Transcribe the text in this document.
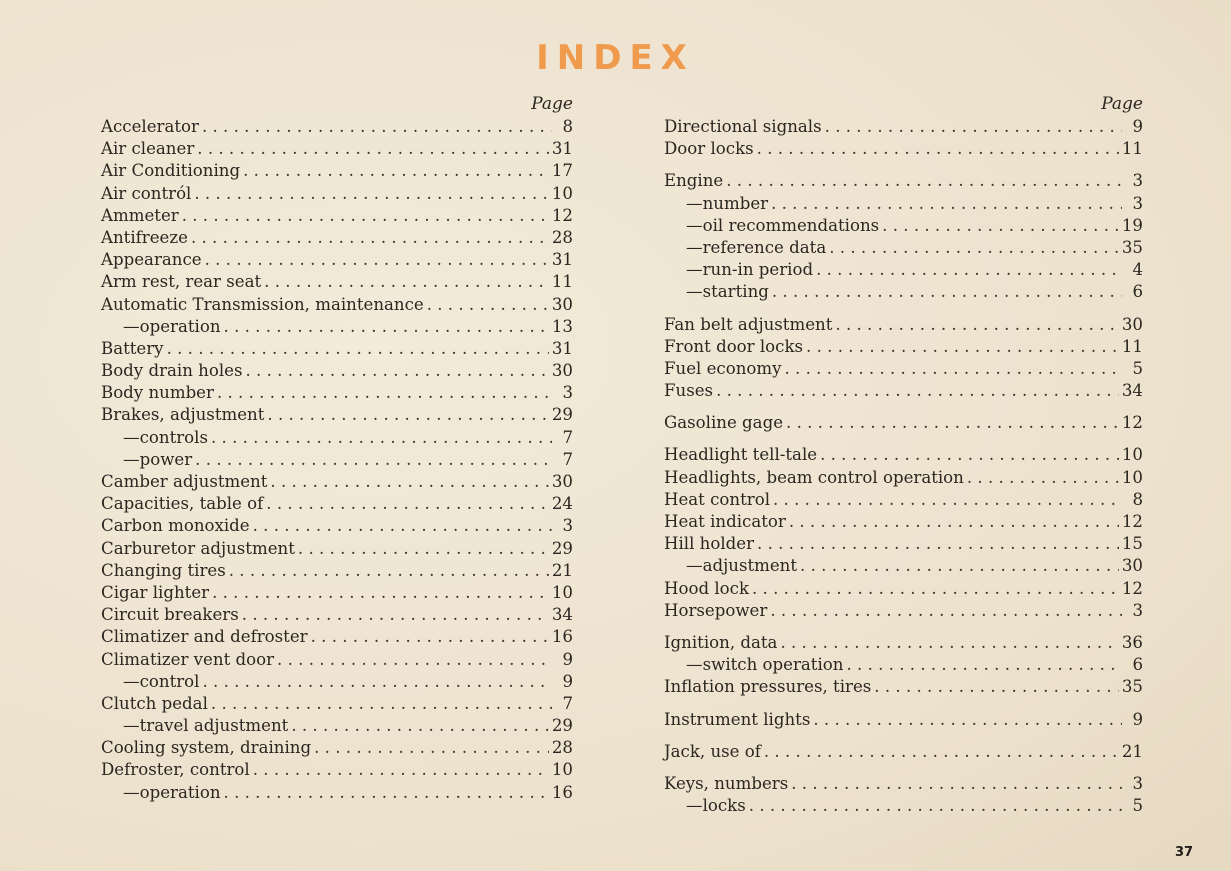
INDEX
Page
Accelerator . . .	8
Air cleaner . . .	31
Air Conditioning . . .	17
Air contról . . .	10
Ammeter . . .	12
Antifreeze . . .	28
Appearance . . .	31
Arm rest, rear seat . . .	11
Automatic Transmission, maintenance . . .	30
—operation . . .	13
Battery . . .	31
Body drain holes . . .	30
Body number . . .	3
Brakes, adjustment . . .	29
—controls . . .	7
—power . . .	7
Camber adjustment . . .	30
Capacities, table of . . .	24
Carbon monoxide . . .	3
Carburetor adjustment . . .	29
Changing tires . . .	21
Cigar lighter . . .	10
Circuit breakers . . .	34
Climatizer and defroster . . .	16
Climatizer vent door . . .	9
—control . . .	9
Clutch pedal . . .	7
—travel adjustment . . .	29
Cooling system, draining . . .	28
Defroster, control . . .	10
—operation . . .	16
Page
Directional signals . . .	9
Door locks . . .	11
Engine . . .	3
—number . . .	3
—oil recommendations . . .	19
—reference data . . .	35
—run-in period . . .	4
—starting . . .	6
Fan belt adjustment . . .	30
Front door locks . . .	11
Fuel economy . . .	5
Fuses . . .	34
Gasoline gage . . .	12
Headlight tell-tale . . .	10
Headlights, beam control operation . . .	10
Heat control . . .	8
Heat indicator . . .	12
Hill holder . . .	15
—adjustment . . .	30
Hood lock . . .	12
Horsepower . . .	3
Ignition, data . . .	36
—switch operation . . .	6
Inflation pressures, tires . . .	35
Instrument lights . . .	9
Jack, use of . . .	21
Keys, numbers . . .	3
—locks . . .	5
37
